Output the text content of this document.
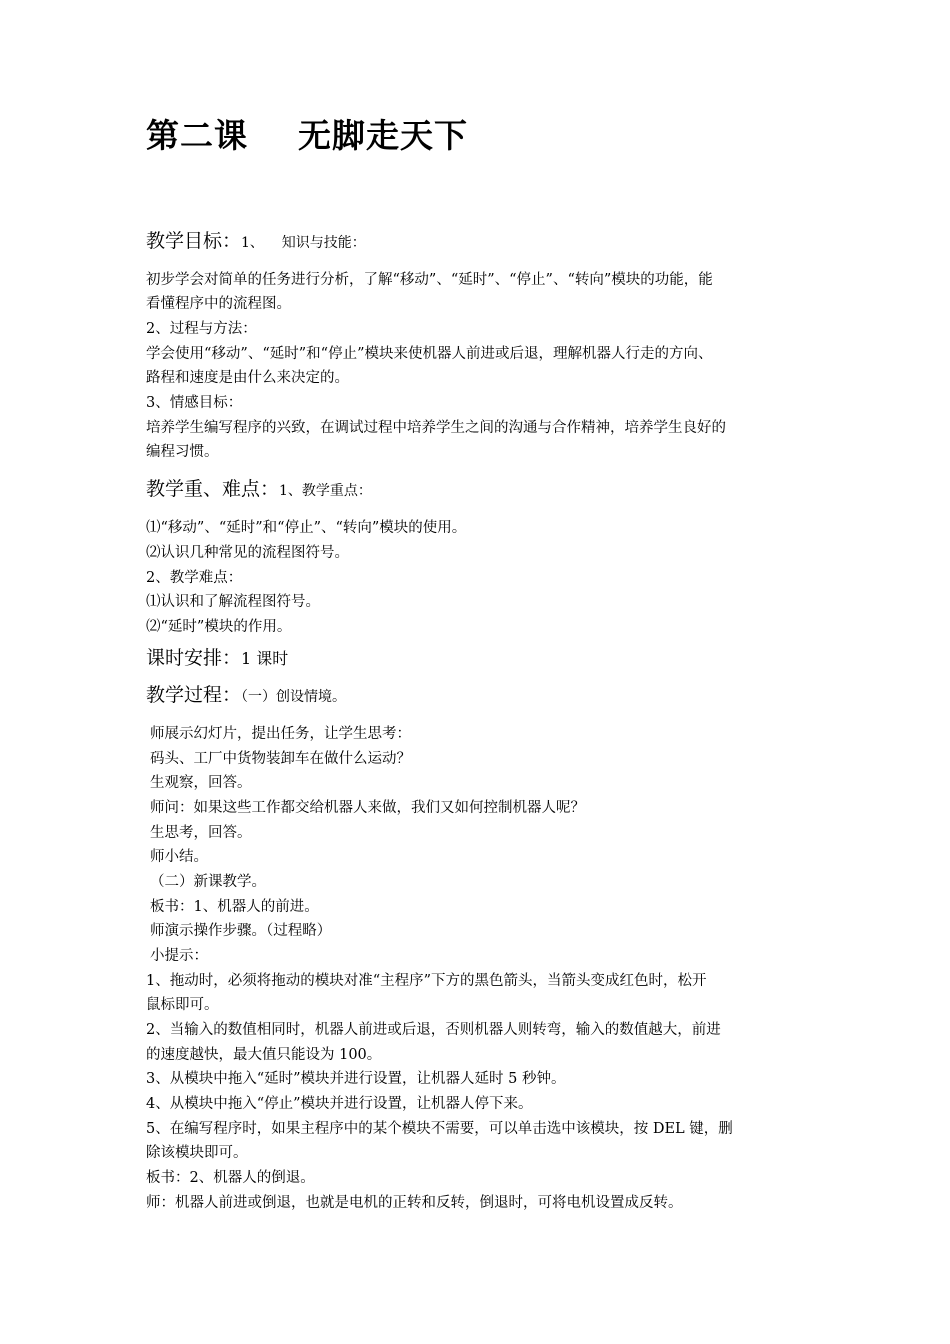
第二课    无脚走天下
教学目标：1、    知识与技能：
初步学会对简单的任务进行分析，了解“移动”、“延时”、“停止”、“转向”模块的功能，能
看懂程序中的流程图。
2、过程与方法：
学会使用“移动”、“延时”和“停止”模块来使机器人前进或后退，理解机器人行走的方向、
路程和速度是由什么来决定的。
3、情感目标：
培养学生编写程序的兴致，在调试过程中培养学生之间的沟通与合作精神，培养学生良好的
编程习惯。
教学重、难点：1、教学重点：
⑴“移动”、“延时”和“停止”、“转向”模块的使用。
⑵认识几种常见的流程图符号。
2、教学难点：
⑴认识和了解流程图符号。
⑵“延时”模块的作用。
课时安排：1 课时
教学过程：（一）创设情境。
师展示幻灯片，提出任务，让学生思考：
码头、工厂中货物装卸车在做什么运动？
生观察，回答。
师问：如果这些工作都交给机器人来做，我们又如何控制机器人呢？
生思考，回答。
师小结。
（二）新课教学。
板书：1、机器人的前进。
师演示操作步骤。（过程略）
小提示：
1、拖动时，必须将拖动的模块对准“主程序”下方的黑色箭头，当箭头变成红色时，松开
鼠标即可。
2、当输入的数值相同时，机器人前进或后退，否则机器人则转弯，输入的数值越大，前进
的速度越快，最大值只能设为 100。
3、从模块中拖入“延时”模块并进行设置，让机器人延时 5 秒钟。
4、从模块中拖入“停止”模块并进行设置，让机器人停下来。
5、在编写程序时，如果主程序中的某个模块不需要，可以单击选中该模块，按 DEL 键，删
除该模块即可。
板书：2、机器人的倒退。
师：机器人前进或倒退，也就是电机的正转和反转，倒退时，可将电机设置成反转。
